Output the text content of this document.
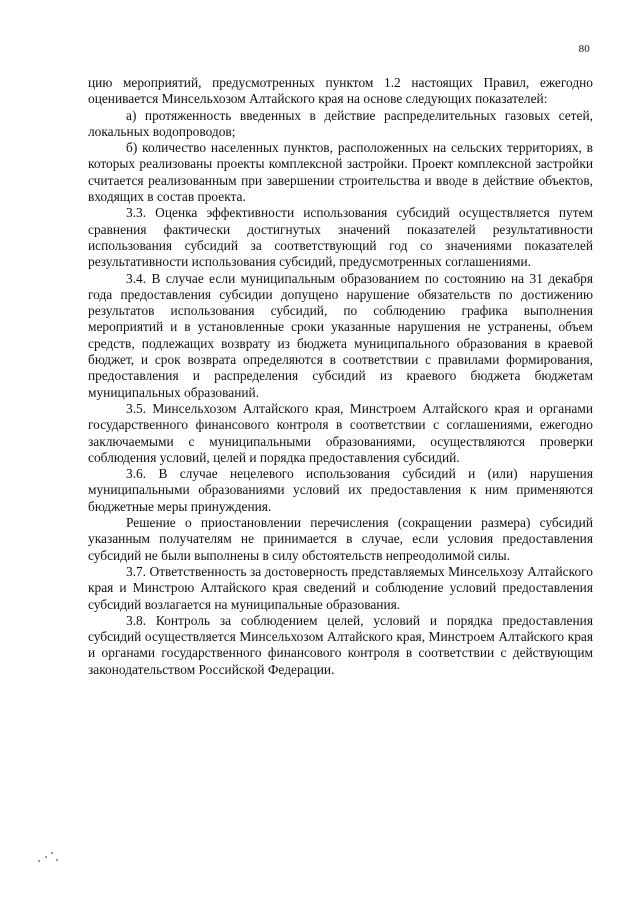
80

цию мероприятий, предусмотренных пунктом 1.2 настоящих Правил, ежегодно оценивается Минсельхозом Алтайского края на основе следующих показателей:

а) протяженность введенных в действие распределительных газовых сетей, локальных водопроводов;

б) количество населенных пунктов, расположенных на сельских территориях, в которых реализованы проекты комплексной застройки. Проект комплексной застройки считается реализованным при завершении строительства и вводе в действие объектов, входящих в состав проекта.

3.3. Оценка эффективности использования субсидий осуществляется путем сравнения фактически достигнутых значений показателей результативности использования субсидий за соответствующий год со значениями показателей результативности использования субсидий, предусмотренных соглашениями.

3.4. В случае если муниципальным образованием по состоянию на 31 декабря года предоставления субсидии допущено нарушение обязательств по достижению результатов использования субсидий, по соблюдению графика выполнения мероприятий и в установленные сроки указанные нарушения не устранены, объем средств, подлежащих возврату из бюджета муниципального образования в краевой бюджет, и срок возврата определяются в соответствии с правилами формирования, предоставления и распределения субсидий из краевого бюджета бюджетам муниципальных образований.

3.5. Минсельхозом Алтайского края, Минстроем Алтайского края и органами государственного финансового контроля в соответствии с соглашениями, ежегодно заключаемыми с муниципальными образованиями, осуществляются проверки соблюдения условий, целей и порядка предоставления субсидий.

3.6. В случае нецелевого использования субсидий и (или) нарушения муниципальными образованиями условий их предоставления к ним применяются бюджетные меры принуждения.

Решение о приостановлении перечисления (сокращении размера) субсидий указанным получателям не принимается в случае, если условия предоставления субсидий не были выполнены в силу обстоятельств непреодолимой силы.

3.7. Ответственность за достоверность представляемых Минсельхозу Алтайского края и Минстрою Алтайского края сведений и соблюдение условий предоставления субсидий возлагается на муниципальные образования.

3.8. Контроль за соблюдением целей, условий и порядка предоставления субсидий осуществляется Минсельхозом Алтайского края, Минстроем Алтайского края и органами государственного финансового контроля в соответствии с действующим законодательством Российской Федерации.
